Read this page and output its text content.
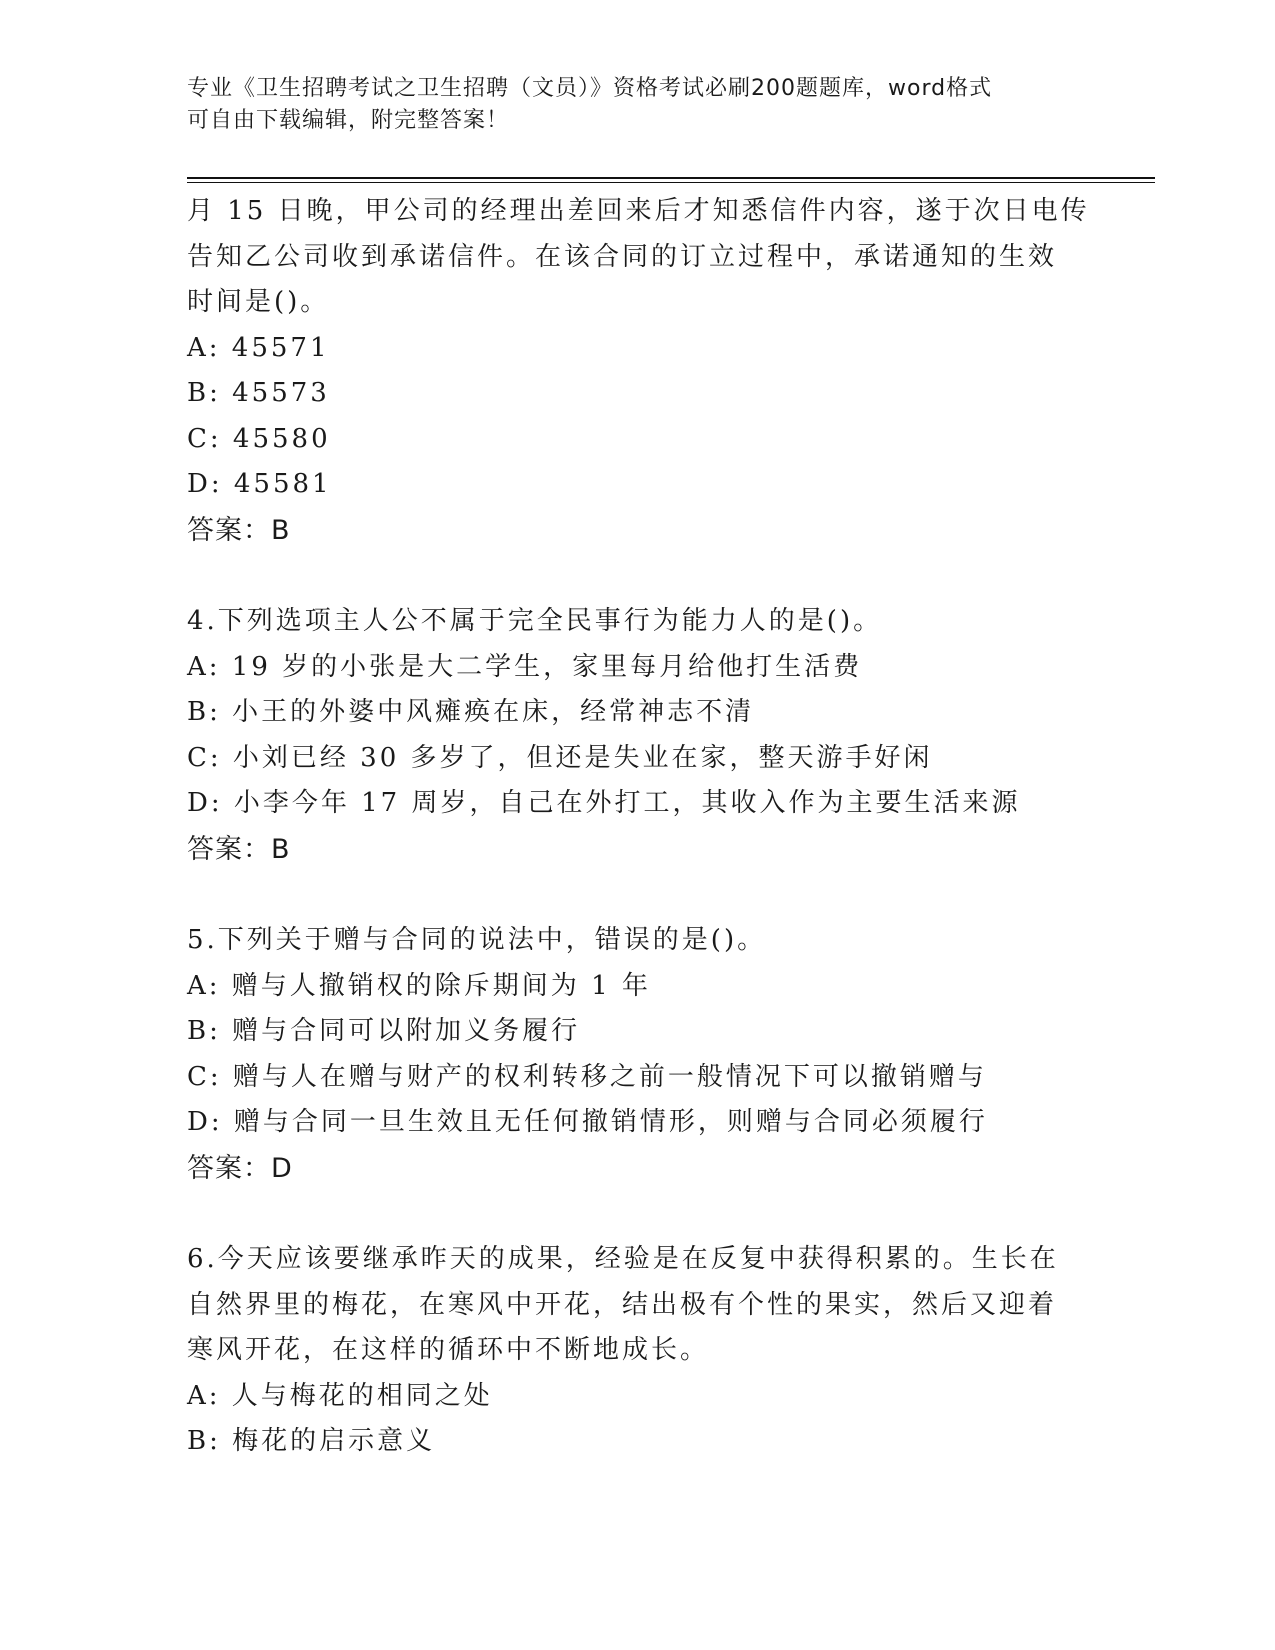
专业《卫生招聘考试之卫生招聘（文员）》资格考试必刷200题题库，word格式
可自由下载编辑，附完整答案！
月 15 日晚，甲公司的经理出差回来后才知悉信件内容，遂于次日电传
告知乙公司收到承诺信件。在该合同的订立过程中，承诺通知的生效
时间是()。
A: 45571
B: 45573
C: 45580
D: 45581
答案：B
4.下列选项主人公不属于完全民事行为能力人的是()。
A: 19 岁的小张是大二学生，家里每月给他打生活费
B: 小王的外婆中风瘫痪在床，经常神志不清
C: 小刘已经 30 多岁了，但还是失业在家，整天游手好闲
D: 小李今年 17 周岁，自己在外打工，其收入作为主要生活来源
答案：B
5.下列关于赠与合同的说法中，错误的是()。
A: 赠与人撤销权的除斥期间为 1 年
B: 赠与合同可以附加义务履行
C: 赠与人在赠与财产的权利转移之前一般情况下可以撤销赠与
D: 赠与合同一旦生效且无任何撤销情形，则赠与合同必须履行
答案：D
6.今天应该要继承昨天的成果，经验是在反复中获得积累的。生长在
自然界里的梅花，在寒风中开花，结出极有个性的果实，然后又迎着
寒风开花，在这样的循环中不断地成长。
A: 人与梅花的相同之处
B: 梅花的启示意义
